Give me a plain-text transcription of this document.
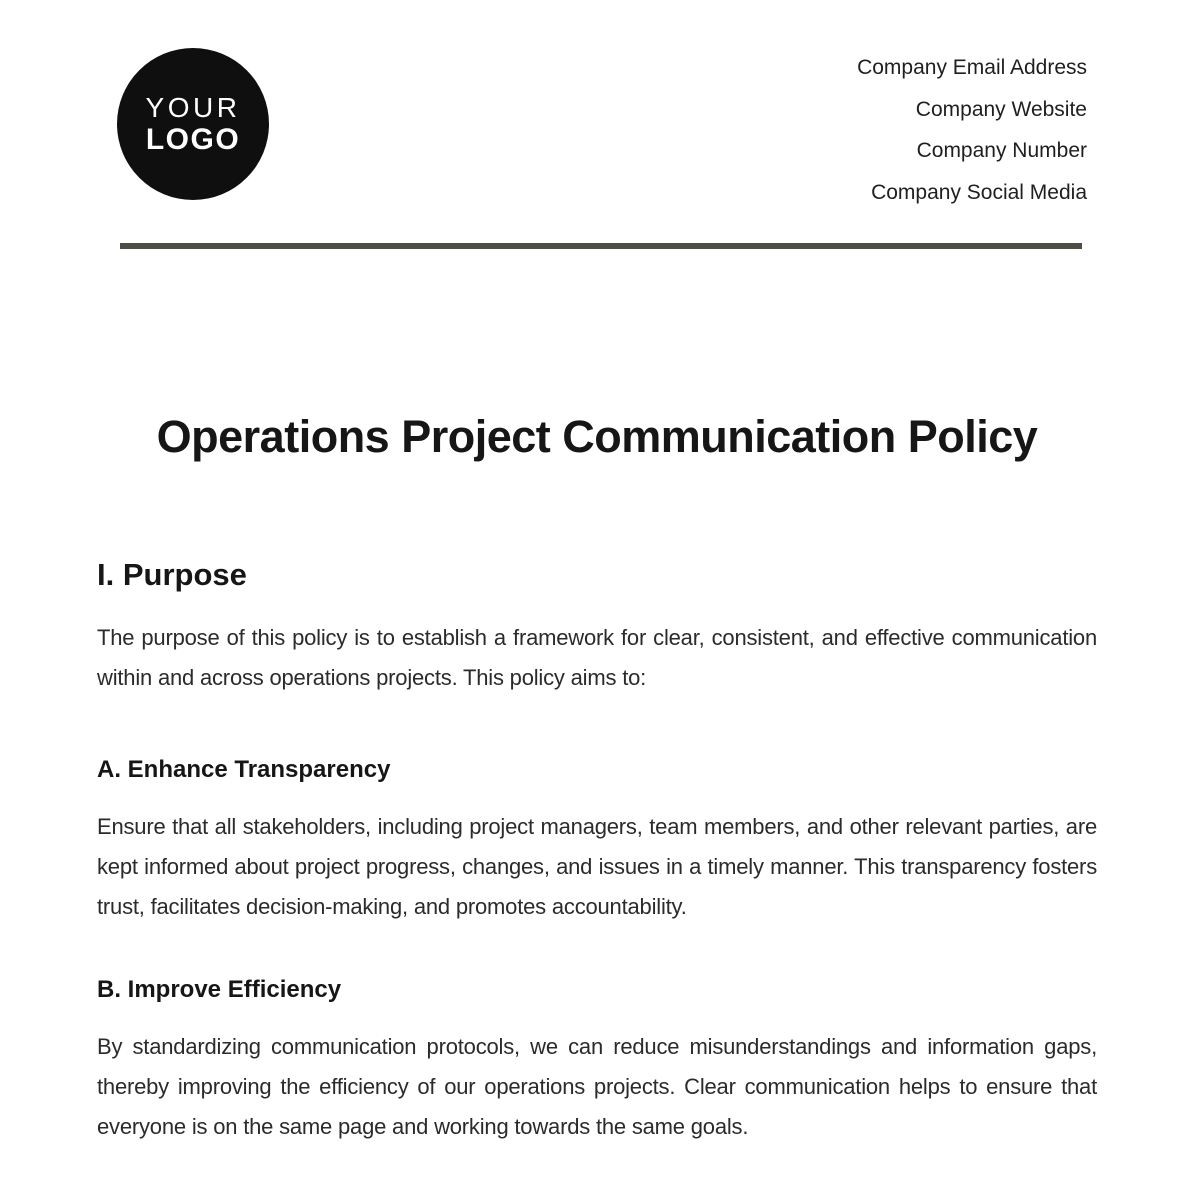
YOUR
LOGO
Company Email Address
Company Website
Company Number
Company Social Media
Operations Project Communication Policy
I. Purpose

The purpose of this policy is to establish a framework for clear, consistent, and effective communication within and across operations projects. This policy aims to:

A. Enhance Transparency

Ensure that all stakeholders, including project managers, team members, and other relevant parties, are kept informed about project progress, changes, and issues in a timely manner. This transparency fosters trust, facilitates decision-making, and promotes accountability.

B. Improve Efficiency

By standardizing communication protocols, we can reduce misunderstandings and information gaps, thereby improving the efficiency of our operations projects. Clear communication helps to ensure that everyone is on the same page and working towards the same goals.
